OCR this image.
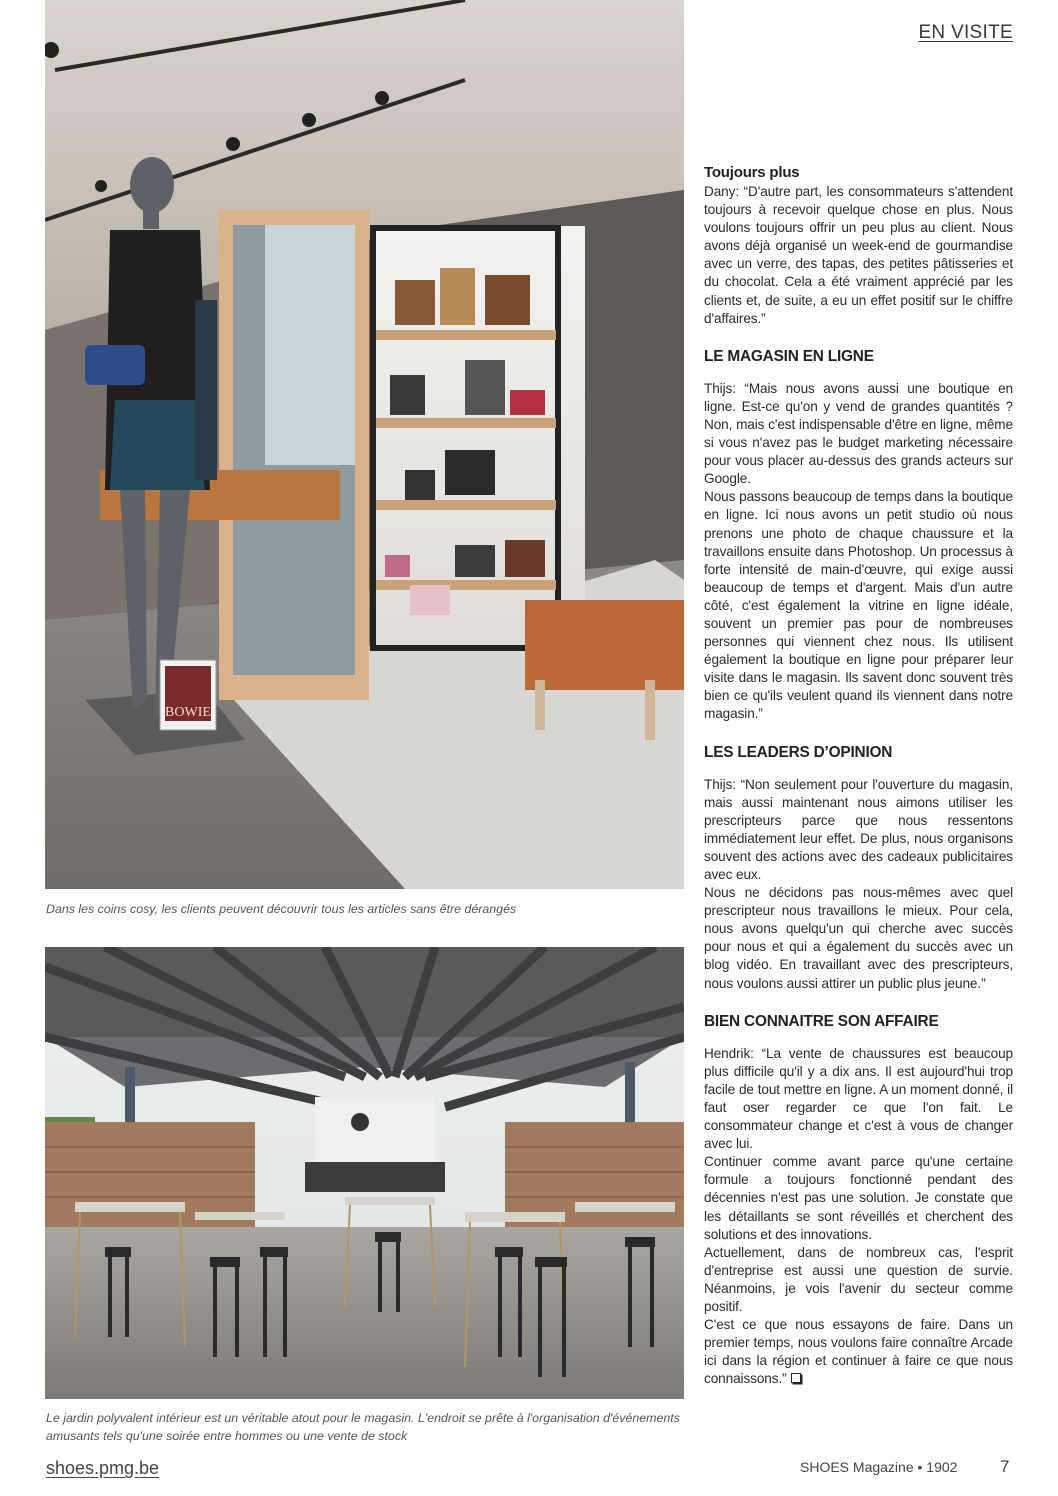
EN VISITE
BOWIE
Dans les coins cosy, les clients peuvent découvrir tous les articles sans être dérangés
Le jardin polyvalent intérieur est un véritable atout pour le magasin. L'endroit se prête à l'organisation d'événements amusants tels qu'une soirée entre hommes ou une vente de stock
Toujours plus

Dany: “D'autre part, les consommateurs s'attendent toujours à recevoir quelque chose en plus. Nous voulons toujours offrir un peu plus au client. Nous avons déjà organisé un week-end de gourmandise avec un verre, des tapas, des petites pâtisseries et du chocolat. Cela a été vraiment apprécié par les clients et, de suite, a eu un effet positif sur le chiffre d'affaires.”

LE MAGASIN EN LIGNE

Thijs: “Mais nous avons aussi une boutique en ligne. Est-ce qu'on y vend de grandes quantités ? Non, mais c'est indispensable d'être en ligne, même si vous n'avez pas le budget marketing nécessaire pour vous placer au-dessus des grands acteurs sur Google.

Nous passons beaucoup de temps dans la boutique en ligne. Ici nous avons un petit studio où nous prenons une photo de chaque chaussure et la travaillons ensuite dans Photoshop. Un processus à forte intensité de main-d'œuvre, qui exige aussi beaucoup de temps et d'argent. Mais d'un autre côté, c'est également la vitrine en ligne idéale, souvent un premier pas pour de nombreuses personnes qui viennent chez nous. Ils utilisent également la boutique en ligne pour préparer leur visite dans le magasin. Ils savent donc souvent très bien ce qu'ils veulent quand ils viennent dans notre magasin.”

LES LEADERS D’OPINION

Thijs: “Non seulement pour l'ouverture du magasin, mais aussi maintenant nous aimons utiliser les prescripteurs parce que nous ressentons immédiatement leur effet. De plus, nous organisons souvent des actions avec des cadeaux publicitaires avec eux.

Nous ne décidons pas nous-mêmes avec quel prescripteur nous travaillons le mieux. Pour cela, nous avons quelqu'un qui cherche avec succès pour nous et qui a également du succès avec un blog vidéo. En travaillant avec des prescripteurs, nous voulons aussi attirer un public plus jeune.”

BIEN CONNAITRE SON AFFAIRE

Hendrik: “La vente de chaussures est beaucoup plus difficile qu'il y a dix ans. Il est aujourd'hui trop facile de tout mettre en ligne. A un moment donné, il faut oser regarder ce que l'on fait. Le consommateur change et c'est à vous de changer avec lui.

Continuer comme avant parce qu'une certaine formule a toujours fonctionné pendant des décennies n'est pas une solution. Je constate que les détaillants se sont réveillés et cherchent des solutions et des innovations.

Actuellement, dans de nombreux cas, l'esprit d'entreprise est aussi une question de survie. Néanmoins, je vois l'avenir du secteur comme positif.

C'est ce que nous essayons de faire. Dans un premier temps, nous voulons faire connaître Arcade ici dans la région et continuer à faire ce que nous connaissons.”

shoes.pmg.be	SHOES Magazine • 1902	7
